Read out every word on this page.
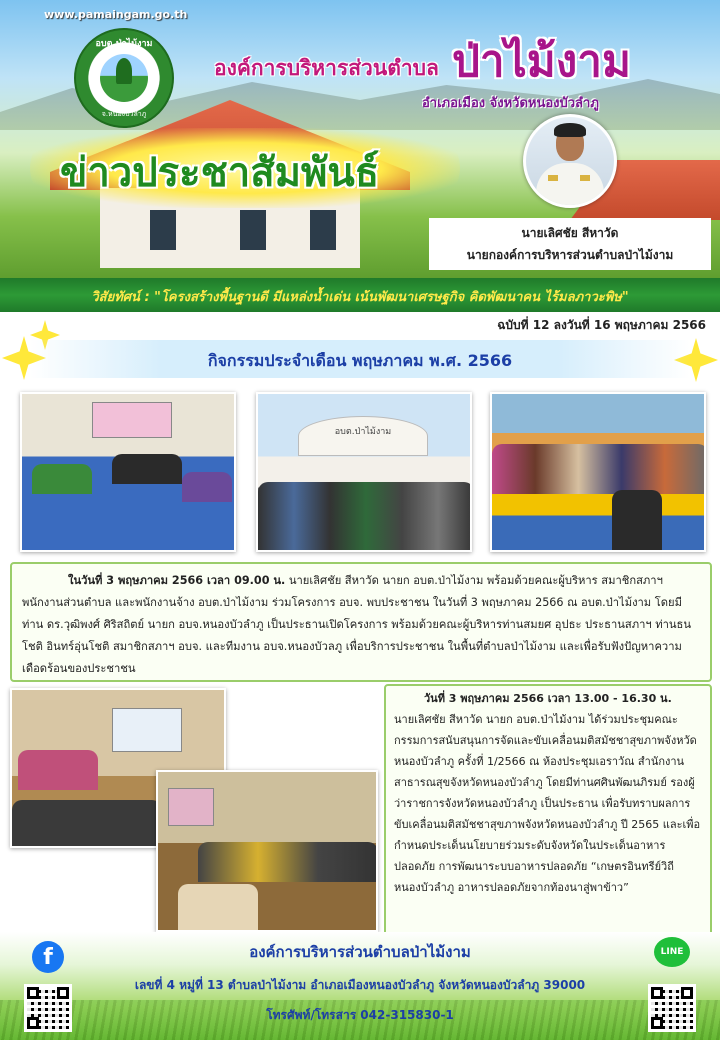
www.pamaingam.go.th
อบต.ป่าไม้งาม
จ.หนองบัวลำภู
องค์การบริหารส่วนตำบล ป่าไม้งาม
อำเภอเมือง จังหวัดหนองบัวลำภู
ข่าวประชาสัมพันธ์
นายเลิศชัย สีหาวัด
นายกองค์การบริหารส่วนตำบลป่าไม้งาม
วิสัยทัศน์ : "โครงสร้างพื้นฐานดี มีแหล่งน้ำเด่น เน้นพัฒนาเศรษฐกิจ คิดพัฒนาคน ไร้มลภาวะพิษ"
ฉบับที่ 12 ลงวันที่ 16 พฤษภาคม 2566
กิจกรรมประจำเดือน พฤษภาคม พ.ศ. 2566
อบต.ป่าไม้งาม

ในวันที่ 3 พฤษภาคม 2566 เวลา 09.00 น. นายเลิศชัย สีหาวัด นายก อบต.ป่าไม้งาม พร้อมด้วยคณะผู้บริหาร สมาชิกสภาฯ พนักงานส่วนตำบล และพนักงานจ้าง อบต.ป่าไม้งาม ร่วมโครงการ อบจ. พบประชาชน ในวันที่ 3 พฤษภาคม 2566 ณ อบต.ป่าไม้งาม โดยมีท่าน ดร.วุฒิพงศ์ ศิริสถิตย์ นายก อบจ.หนองบัวลำภู เป็นประธานเปิดโครงการ พร้อมด้วยคณะผู้บริหารท่านสมยศ อุปธะ ประธานสภาฯ ท่านธนโชติ อินทร์อุ่นโชติ สมาชิกสภาฯ อบจ. และทีมงาน อบจ.หนองบัวลภู เพื่อบริการประชาชน ในพื้นที่ตำบลป่าไม้งาม และเพื่อรับฟังปัญหาความเดือดร้อนของประชาชน

วันที่ 3 พฤษภาคม 2566 เวลา 13.00 - 16.30 น.

นายเลิศชัย สีหาวัด นายก อบต.ป่าไม้งาม ได้ร่วมประชุมคณะกรรมการสนับสนุนการจัดและขับเคลื่อนมติสมัชชาสุขภาพจังหวัดหนองบัวลำภู ครั้งที่ 1/2566 ณ ห้องประชุมเอราวัณ สำนักงานสาธารณสุขจังหวัดหนองบัวลำภู โดยมีท่านศศินพัฒนภิรมย์ รองผู้ว่าราชการจังหวัดหนองบัวลำภู เป็นประธาน เพื่อรับทราบผลการขับเคลื่อนมติสมัชชาสุขภาพจังหวัดหนองบัวลำภู ปี 2565 และเพื่อกำหนดประเด็นนโยบายร่วมระดับจังหวัดในประเด็นอาหารปลอดภัย การพัฒนาระบบอาหารปลอดภัย “เกษตรอินทรีย์วิถีหนองบัวลำภู อาหารปลอดภัยจากท้องนาสู่พาข้าว”

f	LINE
องค์การบริหารส่วนตำบลป่าไม้งาม
เลขที่ 4 หมู่ที่ 13 ตำบลป่าไม้งาม อำเภอเมืองหนองบัวลำภู จังหวัดหนองบัวลำภู 39000
โทรศัพท์/โทรสาร 042-315830-1
